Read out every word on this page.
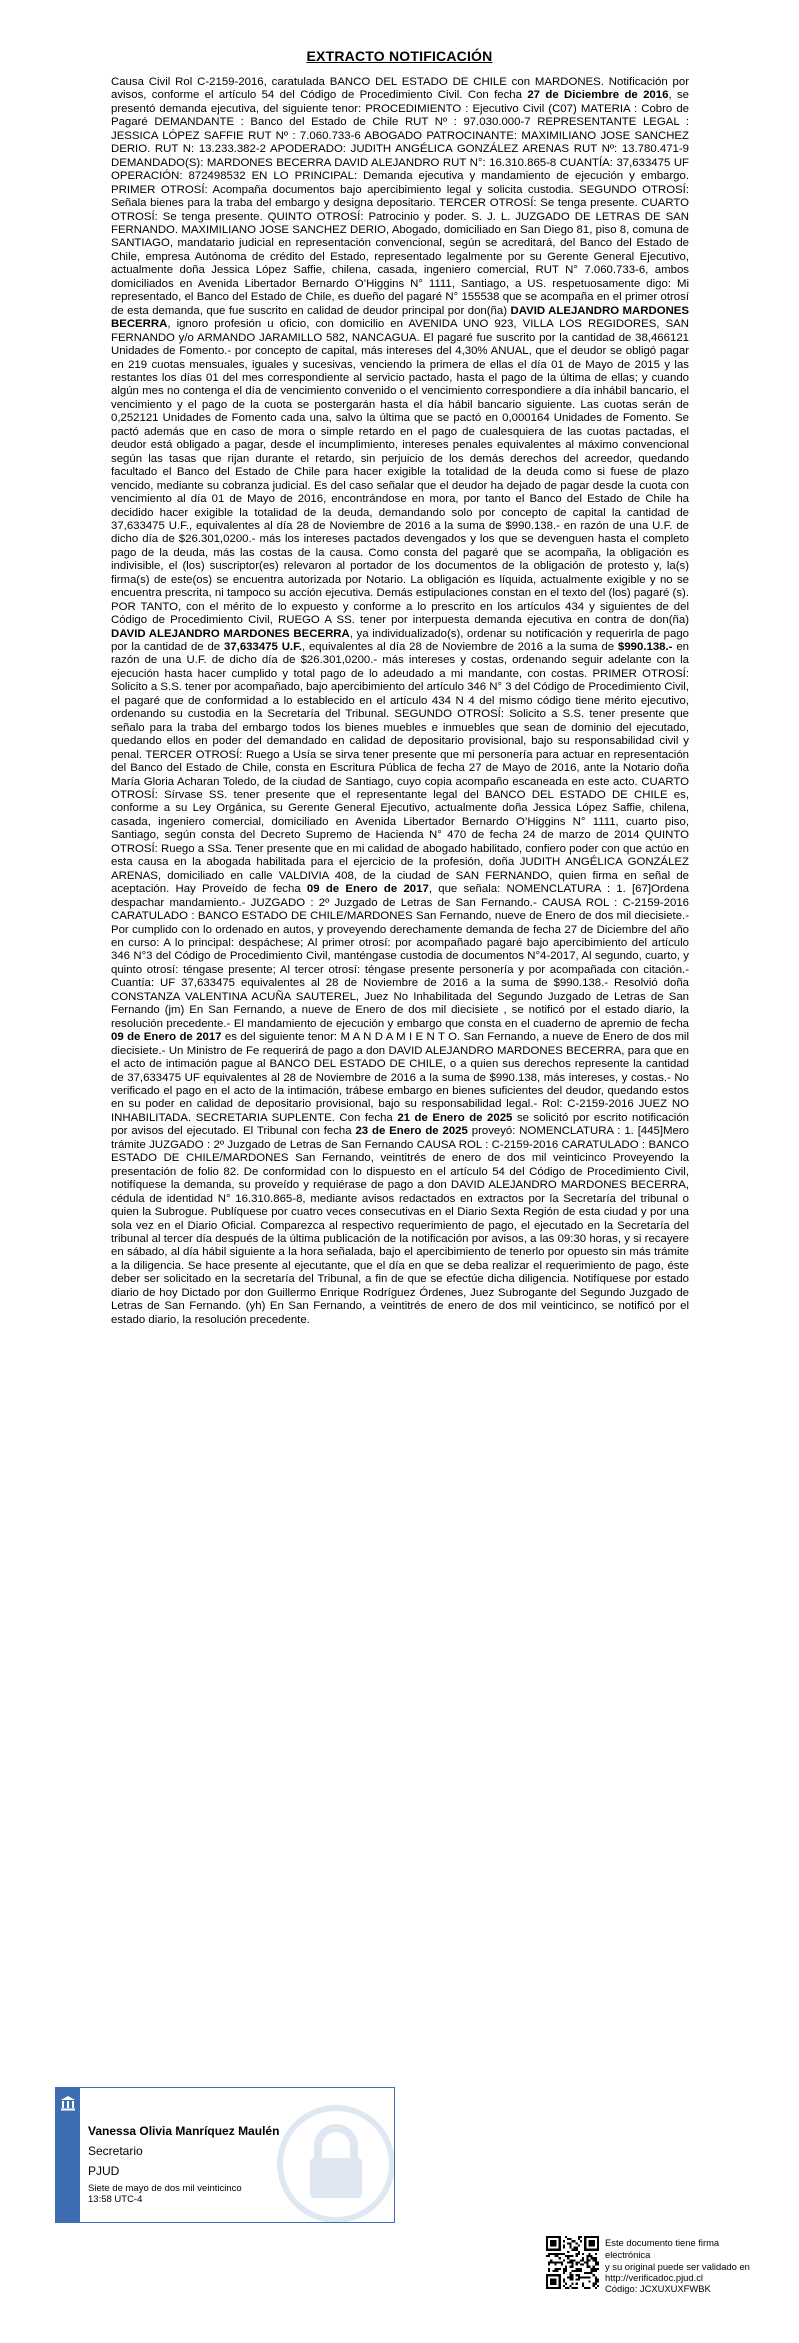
EXTRACTO NOTIFICACIÓN
Causa Civil Rol C-2159-2016, caratulada BANCO DEL ESTADO DE CHILE con MARDONES. Notificación por avisos, conforme el artículo 54 del Código de Procedimiento Civil. Con fecha 27 de Diciembre de 2016, se presentó demanda ejecutiva, del siguiente tenor: PROCEDIMIENTO : Ejecutivo Civil (C07) MATERIA : Cobro de Pagaré DEMANDANTE : Banco del Estado de Chile RUT Nº : 97.030.000-7 REPRESENTANTE LEGAL : JESSICA LÓPEZ SAFFIE RUT Nº : 7.060.733-6 ABOGADO PATROCINANTE: MAXIMILIANO JOSE SANCHEZ DERIO. RUT N: 13.233.382-2 APODERADO: JUDITH ANGÉLICA GONZÁLEZ ARENAS RUT Nº: 13.780.471-9 DEMANDADO(S): MARDONES BECERRA DAVID ALEJANDRO RUT N°: 16.310.865-8 CUANTÍA: 37,633475 UF OPERACIÓN: 872498532 EN LO PRINCIPAL: Demanda ejecutiva y mandamiento de ejecución y embargo. PRIMER OTROSÍ: Acompaña documentos bajo apercibimiento legal y solicita custodia. SEGUNDO OTROSÍ: Señala bienes para la traba del embargo y designa depositario. TERCER OTROSÍ: Se tenga presente. CUARTO OTROSÍ: Se tenga presente. QUINTO OTROSÍ: Patrocinio y poder. S. J. L. JUZGADO DE LETRAS DE SAN FERNANDO. MAXIMILIANO JOSE SANCHEZ DERIO, Abogado, domiciliado en San Diego 81, piso 8, comuna de SANTIAGO, mandatario judicial en representación convencional, según se acreditará, del Banco del Estado de Chile, empresa Autónoma de crédito del Estado, representado legalmente por su Gerente General Ejecutivo, actualmente doña Jessica López Saffie, chilena, casada, ingeniero comercial, RUT N° 7.060.733-6, ambos domiciliados en Avenida Libertador Bernardo O’Higgins N° 1111, Santiago, a US. respetuosamente digo: Mi representado, el Banco del Estado de Chile, es dueño del pagaré N° 155538 que se acompaña en el primer otrosí de esta demanda, que fue suscrito en calidad de deudor principal por don(ña) DAVID ALEJANDRO MARDONES BECERRA, ignoro profesión u oficio, con domicilio en AVENIDA UNO 923, VILLA LOS REGIDORES, SAN FERNANDO y/o ARMANDO JARAMILLO 582, NANCAGUA. El pagaré fue suscrito por la cantidad de 38,466121 Unidades de Fomento.- por concepto de capital, más intereses del 4,30% ANUAL, que el deudor se obligó pagar en 219 cuotas mensuales, iguales y sucesivas, venciendo la primera de ellas el día 01 de Mayo de 2015 y las restantes los días 01 del mes correspondiente al servicio pactado, hasta el pago de la última de ellas; y cuando algún mes no contenga el día de vencimiento convenido o el vencimiento correspondiere a día inhábil bancario, el vencimiento y el pago de la cuota se postergarán hasta el día hábil bancario siguiente. Las cuotas serán de 0,252121 Unidades de Fomento cada una, salvo la última que se pactó en 0,000164 Unidades de Fomento. Se pactó además que en caso de mora o simple retardo en el pago de cualesquiera de las cuotas pactadas, el deudor está obligado a pagar, desde el incumplimiento, intereses penales equivalentes al máximo convencional según las tasas que rijan durante el retardo, sin perjuicio de los demás derechos del acreedor, quedando facultado el Banco del Estado de Chile para hacer exigible la totalidad de la deuda como si fuese de plazo vencido, mediante su cobranza judicial. Es del caso señalar que el deudor ha dejado de pagar desde la cuota con vencimiento al día 01 de Mayo de 2016, encontrándose en mora, por tanto el Banco del Estado de Chile ha decidido hacer exigible la totalidad de la deuda, demandando solo por concepto de capital la cantidad de 37,633475 U.F., equivalentes al día 28 de Noviembre de 2016 a la suma de $990.138.- en razón de una U.F. de dicho día de $26.301,0200.- más los intereses pactados devengados y los que se devenguen hasta el completo pago de la deuda, más las costas de la causa. Como consta del pagaré que se acompaña, la obligación es indivisible, el (los) suscriptor(es) relevaron al portador de los documentos de la obligación de protesto y, la(s) firma(s) de este(os) se encuentra autorizada por Notario. La obligación es líquida, actualmente exigible y no se encuentra prescrita, ni tampoco su acción ejecutiva. Demás estipulaciones constan en el texto del (los) pagaré (s). POR TANTO, con el mérito de lo expuesto y conforme a lo prescrito en los artículos 434 y siguientes de del Código de Procedimiento Civil, RUEGO A SS. tener por interpuesta demanda ejecutiva en contra de don(ña) DAVID ALEJANDRO MARDONES BECERRA, ya individualizado(s), ordenar su notificación y requerirla de pago por la cantidad de de 37,633475 U.F., equivalentes al día 28 de Noviembre de 2016 a la suma de $990.138.- en razón de una U.F. de dicho día de $26.301,0200.- más intereses y costas, ordenando seguir adelante con la ejecución hasta hacer cumplido y total pago de lo adeudado a mi mandante, con costas. PRIMER OTROSÍ: Solicito a S.S. tener por acompañado, bajo apercibimiento del artículo 346 N° 3 del Código de Procedimiento Civil, el pagaré que de conformidad a lo establecido en el artículo 434 N 4 del mismo código tiene mérito ejecutivo, ordenando su custodia en la Secretaría del Tribunal. SEGUNDO OTROSÍ: Solicito a S.S. tener presente que señalo para la traba del embargo todos los bienes muebles e inmuebles que sean de dominio del ejecutado, quedando ellos en poder del demandado en calidad de depositario provisional, bajo su responsabilidad civil y penal. TERCER OTROSÍ: Ruego a Usía se sirva tener presente que mi personería para actuar en representación del Banco del Estado de Chile, consta en Escritura Pública de fecha 27 de Mayo de 2016, ante la Notario doña María Gloria Acharan Toledo, de la ciudad de Santiago, cuyo copia acompaño escaneada en este acto. CUARTO OTROSÍ: Sírvase SS. tener presente que el representante legal del BANCO DEL ESTADO DE CHILE es, conforme a su Ley Orgánica, su Gerente General Ejecutivo, actualmente doña Jessica López Saffie, chilena, casada, ingeniero comercial, domiciliado en Avenida Libertador Bernardo O’Higgins N° 1111, cuarto piso, Santiago, según consta del Decreto Supremo de Hacienda N° 470 de fecha 24 de marzo de 2014 QUINTO OTROSÍ: Ruego a SSa. Tener presente que en mi calidad de abogado habilitado, confiero poder con que actúo en esta causa en la abogada habilitada para el ejercicio de la profesión, doña JUDITH ANGÉLICA GONZÁLEZ ARENAS, domiciliado en calle VALDIVIA 408, de la ciudad de SAN FERNANDO, quien firma en señal de aceptación. Hay Proveído de fecha 09 de Enero de 2017, que señala: NOMENCLATURA : 1. [67]Ordena despachar mandamiento.- JUZGADO : 2º Juzgado de Letras de San Fernando.- CAUSA ROL : C-2159-2016 CARATULADO : BANCO ESTADO DE CHILE/MARDONES San Fernando, nueve de Enero de dos mil diecisiete.- Por cumplido con lo ordenado en autos, y proveyendo derechamente demanda de fecha 27 de Diciembre del año en curso: A lo principal: despáchese; Al primer otrosí: por acompañado pagaré bajo apercibimiento del artículo 346 N°3 del Código de Procedimiento Civil, manténgase custodia de documentos N°4-2017, Al segundo, cuarto, y quinto otrosí: téngase presente; Al tercer otrosí: téngase presente personería y por acompañada con citación.- Cuantía: UF 37,633475 equivalentes al 28 de Noviembre de 2016 a la suma de $990.138.- Resolvió doña CONSTANZA VALENTINA ACUÑA SAUTEREL, Juez No Inhabilitada del Segundo Juzgado de Letras de San Fernando (jm) En San Fernando, a nueve de Enero de dos mil diecisiete , se notificó por el estado diario, la resolución precedente.- El mandamiento de ejecución y embargo que consta en el cuaderno de apremio de fecha 09 de Enero de 2017 es del siguiente tenor: M A N D A M I E N T O. San Fernando, a nueve de Enero de dos mil diecisiete.- Un Ministro de Fe requerirá de pago a don DAVID ALEJANDRO MARDONES BECERRA, para que en el acto de intimación pague al BANCO DEL ESTADO DE CHILE, o a quien sus derechos represente la cantidad de 37,633475 UF equivalentes al 28 de Noviembre de 2016 a la suma de $990.138, más intereses, y costas.- No verificado el pago en el acto de la intimación, trábese embargo en bienes suficientes del deudor, quedando estos en su poder en calidad de depositario provisional, bajo su responsabilidad legal.- Rol: C-2159-2016 JUEZ NO INHABILITADA. SECRETARIA SUPLENTE. Con fecha 21 de Enero de 2025 se solicitó por escrito notificación por avisos del ejecutado. El Tribunal con fecha 23 de Enero de 2025 proveyó: NOMENCLATURA : 1. [445]Mero trámite JUZGADO : 2º Juzgado de Letras de San Fernando CAUSA ROL : C-2159-2016 CARATULADO : BANCO ESTADO DE CHILE/MARDONES San Fernando, veintitrés de enero de dos mil veinticinco Proveyendo la presentación de folio 82. De conformidad con lo dispuesto en el artículo 54 del Código de Procedimiento Civil, notifíquese la demanda, su proveído y requiérase de pago a don DAVID ALEJANDRO MARDONES BECERRA, cédula de identidad N° 16.310.865-8, mediante avisos redactados en extractos por la Secretaría del tribunal o quien la Subrogue. Publíquese por cuatro veces consecutivas en el Diario Sexta Región de esta ciudad y por una sola vez en el Diario Oficial. Comparezca al respectivo requerimiento de pago, el ejecutado en la Secretaría del tribunal al tercer día después de la última publicación de la notificación por avisos, a las 09:30 horas, y si recayere en sábado, al día hábil siguiente a la hora señalada, bajo el apercibimiento de tenerlo por opuesto sin más trámite a la diligencia. Se hace presente al ejecutante, que el día en que se deba realizar el requerimiento de pago, éste deber ser solicitado en la secretaría del Tribunal, a fin de que se efectúe dicha diligencia. Notifíquese por estado diario de hoy Dictado por don Guillermo Enrique Rodríguez Órdenes, Juez Subrogante del Segundo Juzgado de Letras de San Fernando. (yh) En San Fernando, a veintitrés de enero de dos mil veinticinco, se notificó por el estado diario, la resolución precedente.
Vanessa Olivia Manríquez Maulén
Secretario
PJUD
Siete de mayo de dos mil veinticinco
13:58 UTC-4
Este documento tiene firma electrónica
y su original puede ser validado en
http://verificadoc.pjud.cl
Código: JCXUXUXFWBK
